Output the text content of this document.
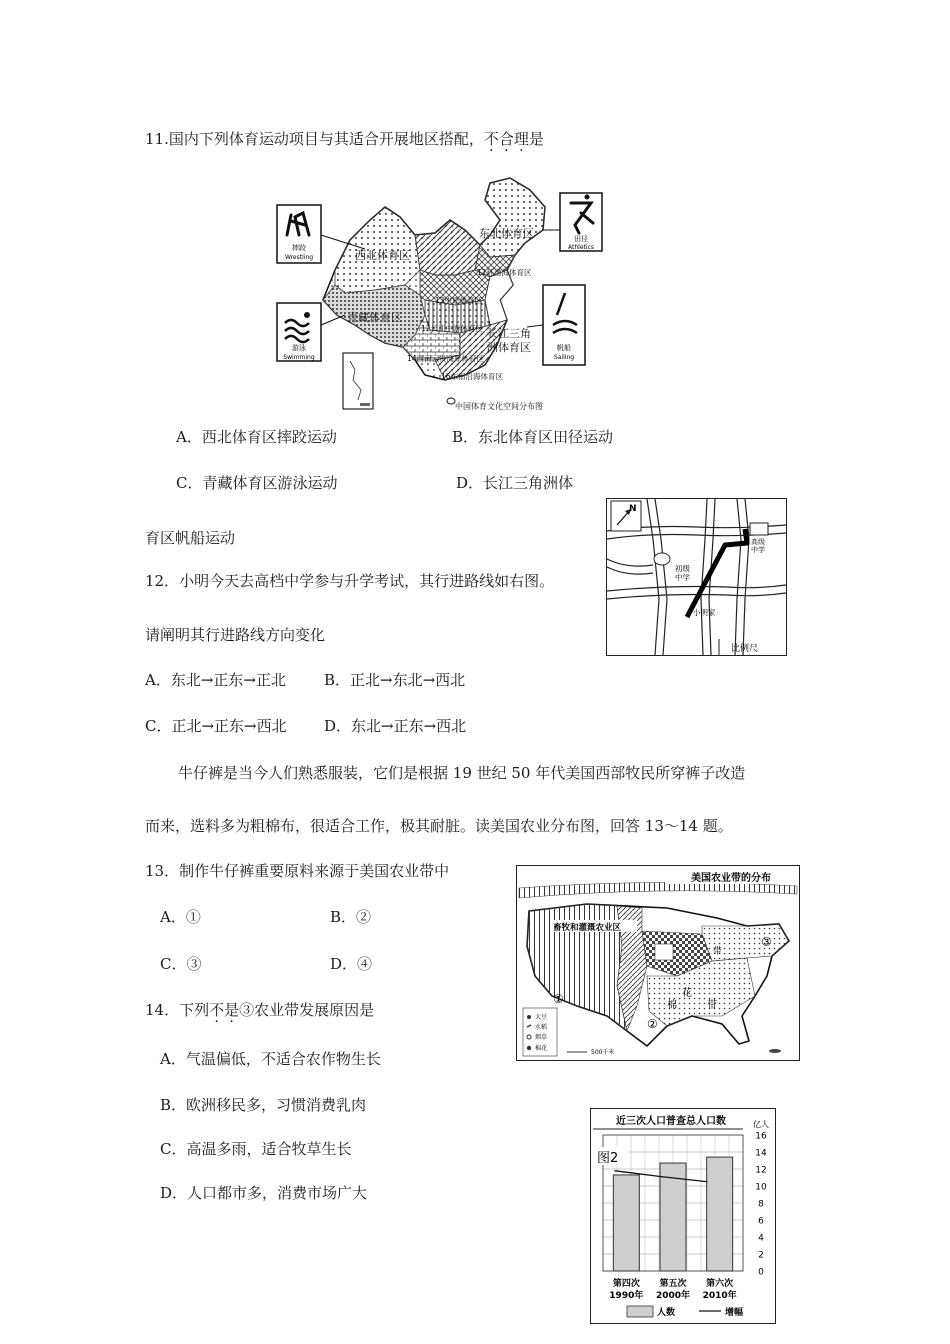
11.国内下列体育运动项目与其适合开展地区搭配，不合理是
西北体育区
东北体育区
青藏体育区
长江三角
洲体育区
11环渤海体育区
13中原体育区
12长江中游体育区
14西南云贵高原体育区
16东南沿海体育区
摔跤
Wrestling
游泳
Swimming
田径
Athletics
帆船
Sailing
中国体育文化空间分布图
A．西北体育区摔跤运动	B．东北体育区田径运动
C．青藏体育区游泳运动	D．长江三角洲体
育区帆船运动
12．小明今天去高档中学参与升学考试，其行进路线如右图。
请阐明其行进路线方向变化
A．东北→正东→正北	B．正北→东北→西北
C．正北→正东→西北 D．东北→正东→西北
N
高级
中学
初级
中学
小明家
比例尺
牛仔裤是当今人们熟悉服装，它们是根据 19 世纪 50 年代美国西部牧民所穿裤子改造
而来，选料多为粗棉布，很适合工作，极其耐脏。读美国农业分布图，回答 13～14 题。
13．制作牛仔裤重要原料来源于美国农业带中
A．①	B．②
C．③	D．④
美国农业带的分布
畜牧和灌溉农业区
带
棉
花
带
①
②
③
大豆
水稻
烟草
棉花
500千米
14．下列不是③农业带发展原因是
A．气温偏低，不适合农作物生长
B．欧洲移民多，习惯消费乳肉
C．高温多雨，适合牧草生长
D．人口都市多，消费市场广大
近三次人口普查总人口数	亿人
0
2
4
6
8
10
12
14
16
图2
第四次
1990年
第五次
2000年
第六次
2010年
人数	增幅
